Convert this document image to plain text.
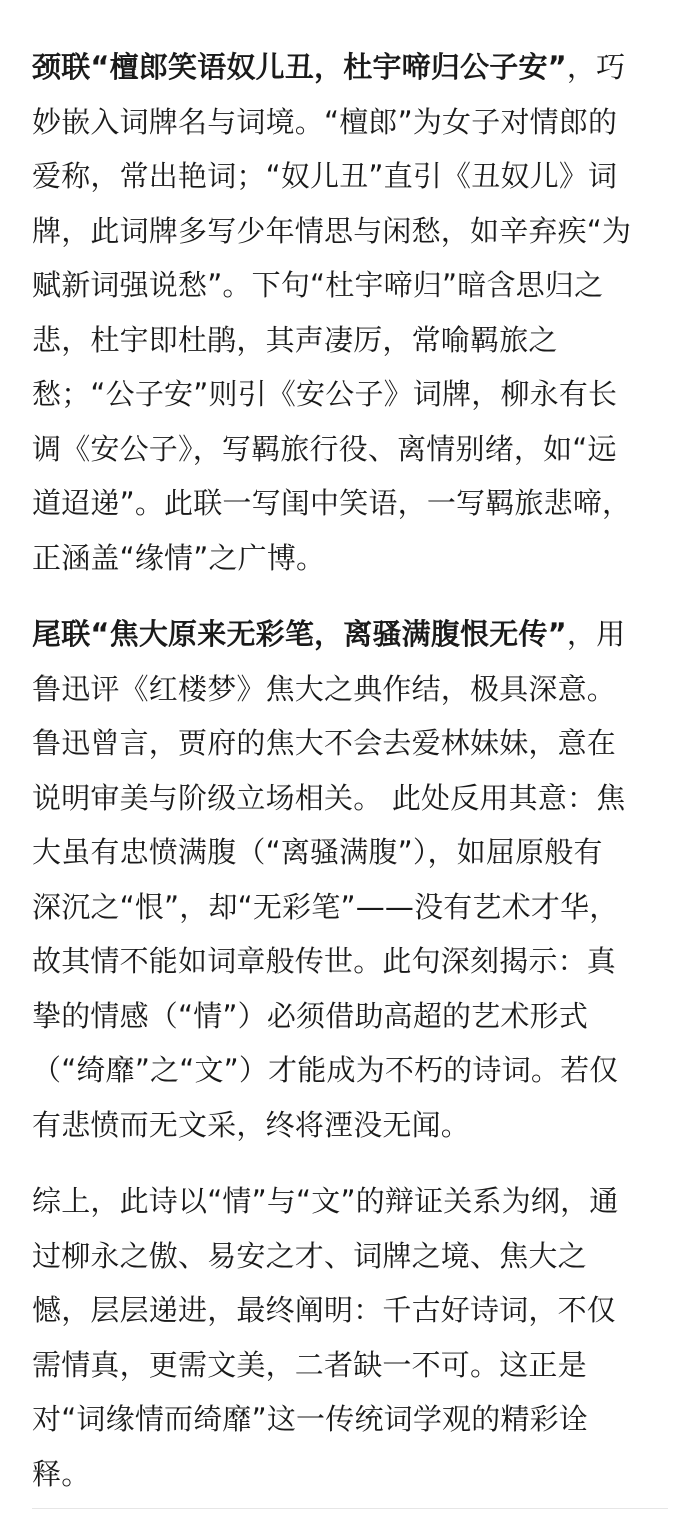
颈联“檀郎笑语奴儿丑，杜宇啼归公子安”，巧
妙嵌入词牌名与词境。“檀郎”为女子对情郎的
爱称，常出艳词；“奴儿丑”直引《丑奴儿》词
牌，此词牌多写少年情思与闲愁，如辛弃疾“为
赋新词强说愁”。下句“杜宇啼归”暗含思归之
悲，杜宇即杜鹃，其声凄厉，常喻羁旅之
愁；“公子安”则引《安公子》词牌，柳永有长
调《安公子》，写羁旅行役、离情别绪，如“远
道迢递”。此联一写闺中笑语，一写羁旅悲啼，
正涵盖“缘情”之广博。
尾联“焦大原来无彩笔，离骚满腹恨无传”，用
鲁迅评《红楼梦》焦大之典作结，极具深意。
鲁迅曾言，贾府的焦大不会去爱林妹妹，意在
说明审美与阶级立场相关。 此处反用其意：焦
大虽有忠愤满腹（“离骚满腹”），如屈原般有
深沉之“恨”，却“无彩笔”——没有艺术才华，
故其情不能如词章般传世。此句深刻揭示：真
挚的情感（“情”）必须借助高超的艺术形式
（“绮靡”之“文”）才能成为不朽的诗词。若仅
有悲愤而无文采，终将湮没无闻。
综上，此诗以“情”与“文”的辩证关系为纲，通
过柳永之傲、易安之才、词牌之境、焦大之
憾，层层递进，最终阐明：千古好诗词，不仅
需情真，更需文美，二者缺一不可。这正是
对“词缘情而绮靡”这一传统词学观的精彩诠
释。
